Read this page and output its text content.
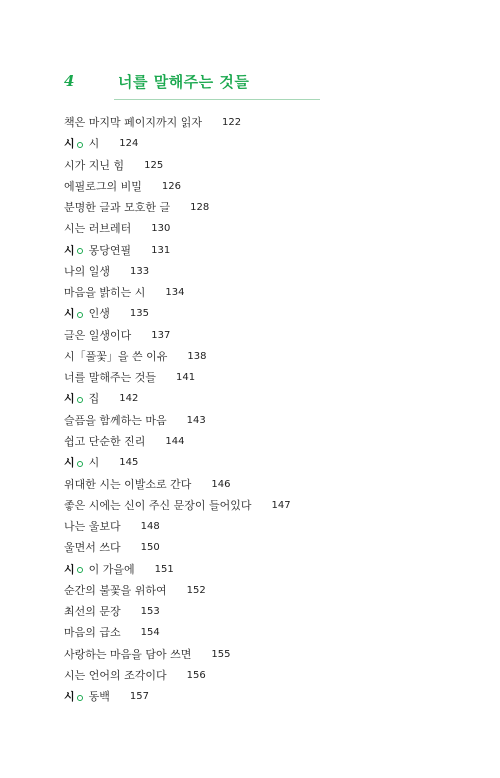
4	너를 말해주는 것들
책은 마지막 페이지까지 읽자 122
시 시 124
시가 지닌 힘 125
에필로그의 비밀 126
분명한 글과 모호한 글 128
시는 러브레터 130
시 몽당연필 131
나의 일생 133
마음을 밝히는 시 134
시 인생 135
글은 일생이다 137
시「풀꽃」을 쓴 이유 138
너를 말해주는 것들 141
시 집 142
슬픔을 함께하는 마음 143
쉽고 단순한 진리 144
시 시 145
위대한 시는 이발소로 간다 146
좋은 시에는 신이 주신 문장이 들어있다 147
나는 울보다 148
울면서 쓰다 150
시 이 가을에 151
순간의 불꽃을 위하여 152
최선의 문장 153
마음의 급소 154
사랑하는 마음을 담아 쓰면 155
시는 언어의 조각이다 156
시 동백 157
